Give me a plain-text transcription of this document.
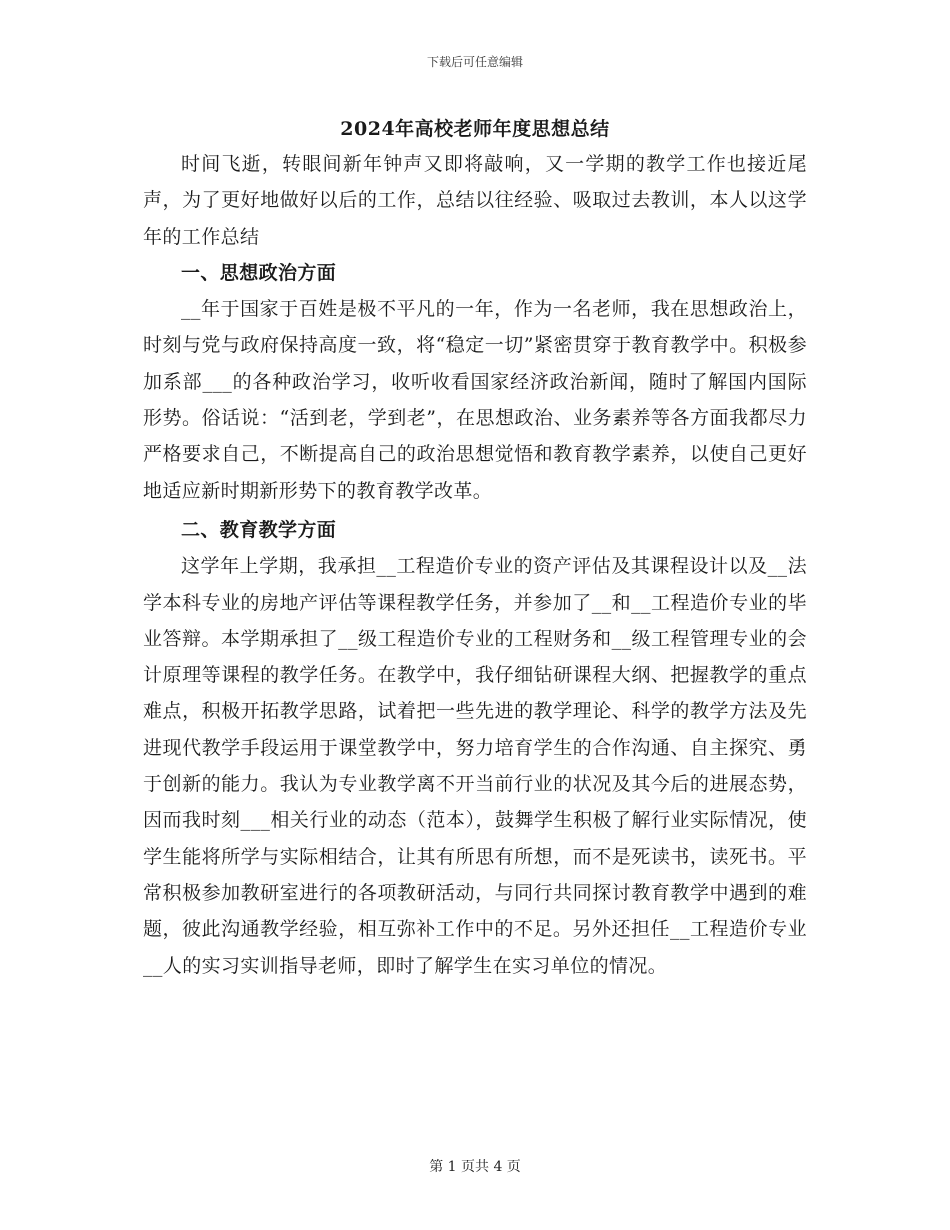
下载后可任意编辑
2024年高校老师年度思想总结

时间飞逝，转眼间新年钟声又即将敲响，又一学期的教学工作也接近尾声，为了更好地做好以后的工作，总结以往经验、吸取过去教训，本人以这学年的工作总结

一、思想政治方面

__年于国家于百姓是极不平凡的一年，作为一名老师，我在思想政治上，时刻与党与政府保持高度一致，将“稳定一切”紧密贯穿于教育教学中。积极参加系部___的各种政治学习，收听收看国家经济政治新闻，随时了解国内国际形势。俗话说：“活到老，学到老”，在思想政治、业务素养等各方面我都尽力严格要求自己，不断提高自己的政治思想觉悟和教育教学素养，以使自己更好地适应新时期新形势下的教育教学改革。

二、教育教学方面

这学年上学期，我承担__工程造价专业的资产评估及其课程设计以及__法学本科专业的房地产评估等课程教学任务，并参加了__和__工程造价专业的毕业答辩。本学期承担了__级工程造价专业的工程财务和__级工程管理专业的会计原理等课程的教学任务。在教学中，我仔细钻研课程大纲、把握教学的重点难点，积极开拓教学思路，试着把一些先进的教学理论、科学的教学方法及先进现代教学手段运用于课堂教学中，努力培育学生的合作沟通、自主探究、勇于创新的能力。我认为专业教学离不开当前行业的状况及其今后的进展态势，因而我时刻___相关行业的动态（范本），鼓舞学生积极了解行业实际情况，使学生能将所学与实际相结合，让其有所思有所想，而不是死读书，读死书。平常积极参加教研室进行的各项教研活动，与同行共同探讨教育教学中遇到的难题，彼此沟通教学经验，相互弥补工作中的不足。另外还担任__工程造价专业__人的实习实训指导老师，即时了解学生在实习单位的情况。

第 1 页共 4 页
